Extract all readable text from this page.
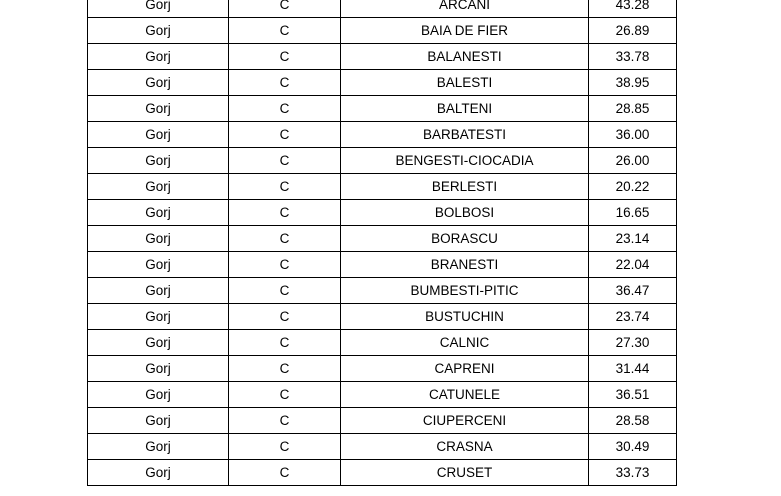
Gorj	C	ARCANI	43.28
Gorj	C	BAIA DE FIER	26.89
Gorj	C	BALANESTI	33.78
Gorj	C	BALESTI	38.95
Gorj	C	BALTENI	28.85
Gorj	C	BARBATESTI	36.00
Gorj	C	BENGESTI-CIOCADIA	26.00
Gorj	C	BERLESTI	20.22
Gorj	C	BOLBOSI	16.65
Gorj	C	BORASCU	23.14
Gorj	C	BRANESTI	22.04
Gorj	C	BUMBESTI-PITIC	36.47
Gorj	C	BUSTUCHIN	23.74
Gorj	C	CALNIC	27.30
Gorj	C	CAPRENI	31.44
Gorj	C	CATUNELE	36.51
Gorj	C	CIUPERCENI	28.58
Gorj	C	CRASNA	30.49
Gorj	C	CRUSET	33.73
